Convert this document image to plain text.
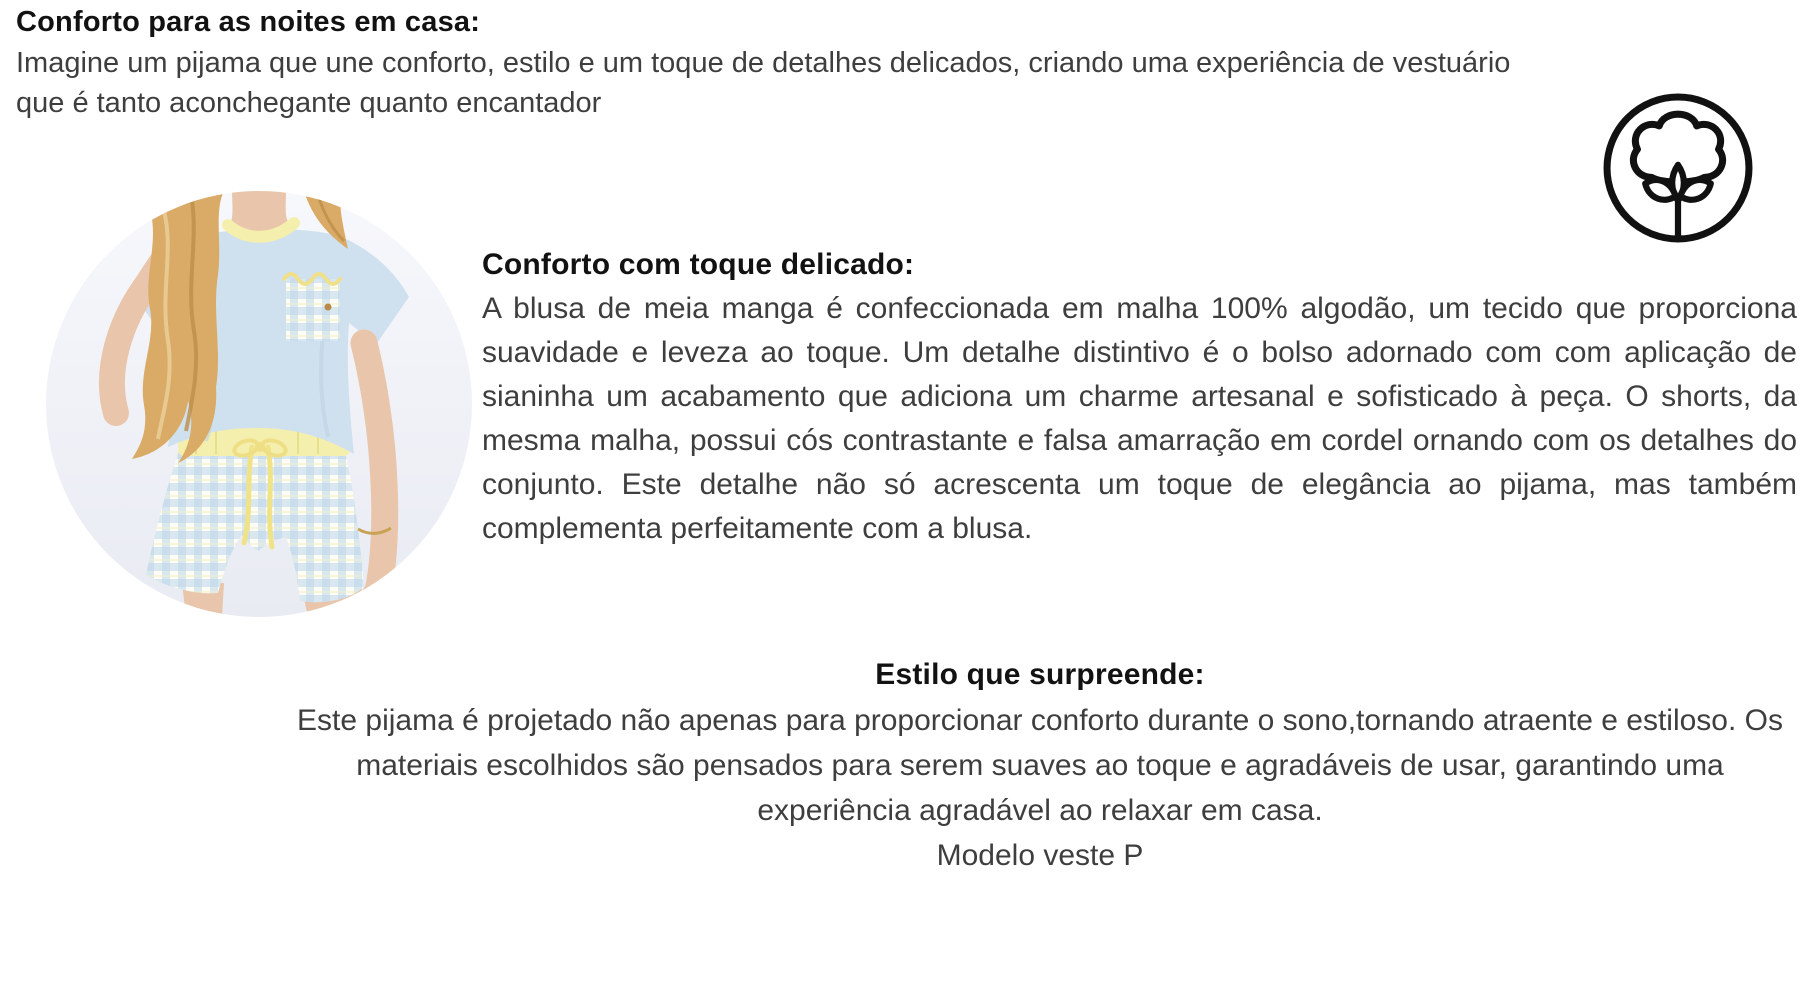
Conforto para as noites em casa:

Imagine um pijama que une conforto, estilo e um toque de detalhes delicados, criando uma experiência de vestuário que é tanto aconchegante quanto encantador

Conforto com toque delicado:

A blusa de meia manga é confeccionada em malha 100% algodão, um tecido que proporciona suavidade e leveza ao toque. Um detalhe distintivo é o bolso adornado com com aplicação de sianinha um acabamento que adiciona um charme artesanal e sofisticado à peça. O shorts, da mesma malha, possui cós contrastante e falsa amarração em cordel ornando com os detalhes do conjunto. Este detalhe não só acrescenta um toque de elegância ao pijama, mas também complementa perfeitamente com a blusa.

Estilo que surpreende:

Este pijama é projetado não apenas para proporcionar conforto durante o sono,tornando atraente e estiloso. Os materiais escolhidos são pensados para serem suaves ao toque e agradáveis de usar, garantindo uma experiência agradável ao relaxar em casa.

Modelo veste P
